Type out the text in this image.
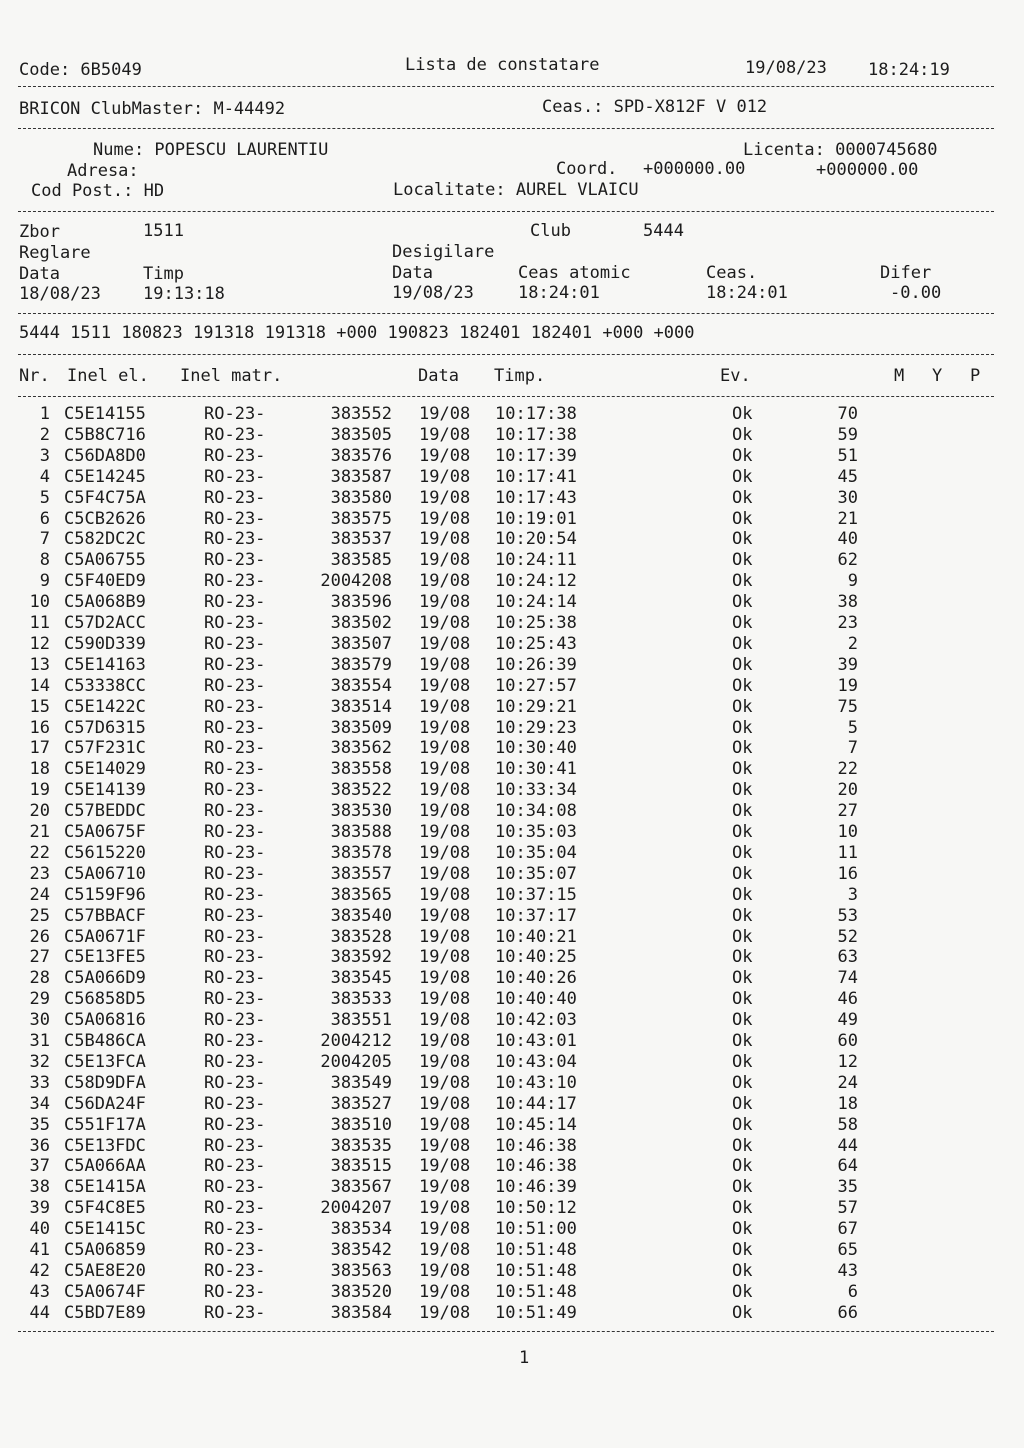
Code: 6B5049	Lista de constatare	19/08/23 18:24:19
BRICON ClubMaster: M-44492	Ceas.: SPD-X812F V 012
Nume: POPESCU LAURENTIU	Licenta: 0000745680
Adresa:	Coord. +000000.00	+000000.00
Cod Post.: HD	Localitate: AUREL VLAICU
Zbor	1511	Club	5444
Reglare	Desigilare
Data	Timp	Data	Ceas atomic	Ceas.	Difer
18/08/23 19:13:18	19/08/23	18:24:01	18:24:01	-0.00
5444 1511 180823 191318 191318 +000 190823 182401 182401 +000 +000
Nr. Inel el. Inel matr.	Data Timp.	Ev.	M Y P
1 C5E14155	RO-23-	383552 19/08 10:17:38	Ok	70
2 C5B8C716	RO-23-	383505 19/08 10:17:38	Ok	59
3 C56DA8D0	RO-23-	383576 19/08 10:17:39	Ok	51
4 C5E14245	RO-23-	383587 19/08 10:17:41	Ok	45
5 C5F4C75A	RO-23-	383580 19/08 10:17:43	Ok	30
6 C5CB2626	RO-23-	383575 19/08 10:19:01	Ok	21
7 C582DC2C	RO-23-	383537 19/08 10:20:54	Ok	40
8 C5A06755	RO-23-	383585 19/08 10:24:11	Ok	62
9 C5F40ED9	RO-23-	2004208 19/08 10:24:12	Ok	9
10 C5A068B9	RO-23-	383596 19/08 10:24:14	Ok	38
11 C57D2ACC	RO-23-	383502 19/08 10:25:38	Ok	23
12 C590D339	RO-23-	383507 19/08 10:25:43	Ok	2
13 C5E14163	RO-23-	383579 19/08 10:26:39	Ok	39
14 C53338CC	RO-23-	383554 19/08 10:27:57	Ok	19
15 C5E1422C	RO-23-	383514 19/08 10:29:21	Ok	75
16 C57D6315	RO-23-	383509 19/08 10:29:23	Ok	5
17 C57F231C	RO-23-	383562 19/08 10:30:40	Ok	7
18 C5E14029	RO-23-	383558 19/08 10:30:41	Ok	22
19 C5E14139	RO-23-	383522 19/08 10:33:34	Ok	20
20 C57BEDDC	RO-23-	383530 19/08 10:34:08	Ok	27
21 C5A0675F	RO-23-	383588 19/08 10:35:03	Ok	10
22 C5615220	RO-23-	383578 19/08 10:35:04	Ok	11
23 C5A06710	RO-23-	383557 19/08 10:35:07	Ok	16
24 C5159F96	RO-23-	383565 19/08 10:37:15	Ok	3
25 C57BBACF	RO-23-	383540 19/08 10:37:17	Ok	53
26 C5A0671F	RO-23-	383528 19/08 10:40:21	Ok	52
27 C5E13FE5	RO-23-	383592 19/08 10:40:25	Ok	63
28 C5A066D9	RO-23-	383545 19/08 10:40:26	Ok	74
29 C56858D5	RO-23-	383533 19/08 10:40:40	Ok	46
30 C5A06816	RO-23-	383551 19/08 10:42:03	Ok	49
31 C5B486CA	RO-23-	2004212 19/08 10:43:01	Ok	60
32 C5E13FCA	RO-23-	2004205 19/08 10:43:04	Ok	12
33 C58D9DFA	RO-23-	383549 19/08 10:43:10	Ok	24
34 C56DA24F	RO-23-	383527 19/08 10:44:17	Ok	18
35 C551F17A	RO-23-	383510 19/08 10:45:14	Ok	58
36 C5E13FDC	RO-23-	383535 19/08 10:46:38	Ok	44
37 C5A066AA	RO-23-	383515 19/08 10:46:38	Ok	64
38 C5E1415A	RO-23-	383567 19/08 10:46:39	Ok	35
39 C5F4C8E5	RO-23-	2004207 19/08 10:50:12	Ok	57
40 C5E1415C	RO-23-	383534 19/08 10:51:00	Ok	67
41 C5A06859	RO-23-	383542 19/08 10:51:48	Ok	65
42 C5AE8E20	RO-23-	383563 19/08 10:51:48	Ok	43
43 C5A0674F	RO-23-	383520 19/08 10:51:48	Ok	6
44 C5BD7E89	RO-23-	383584 19/08 10:51:49	Ok	66
1
